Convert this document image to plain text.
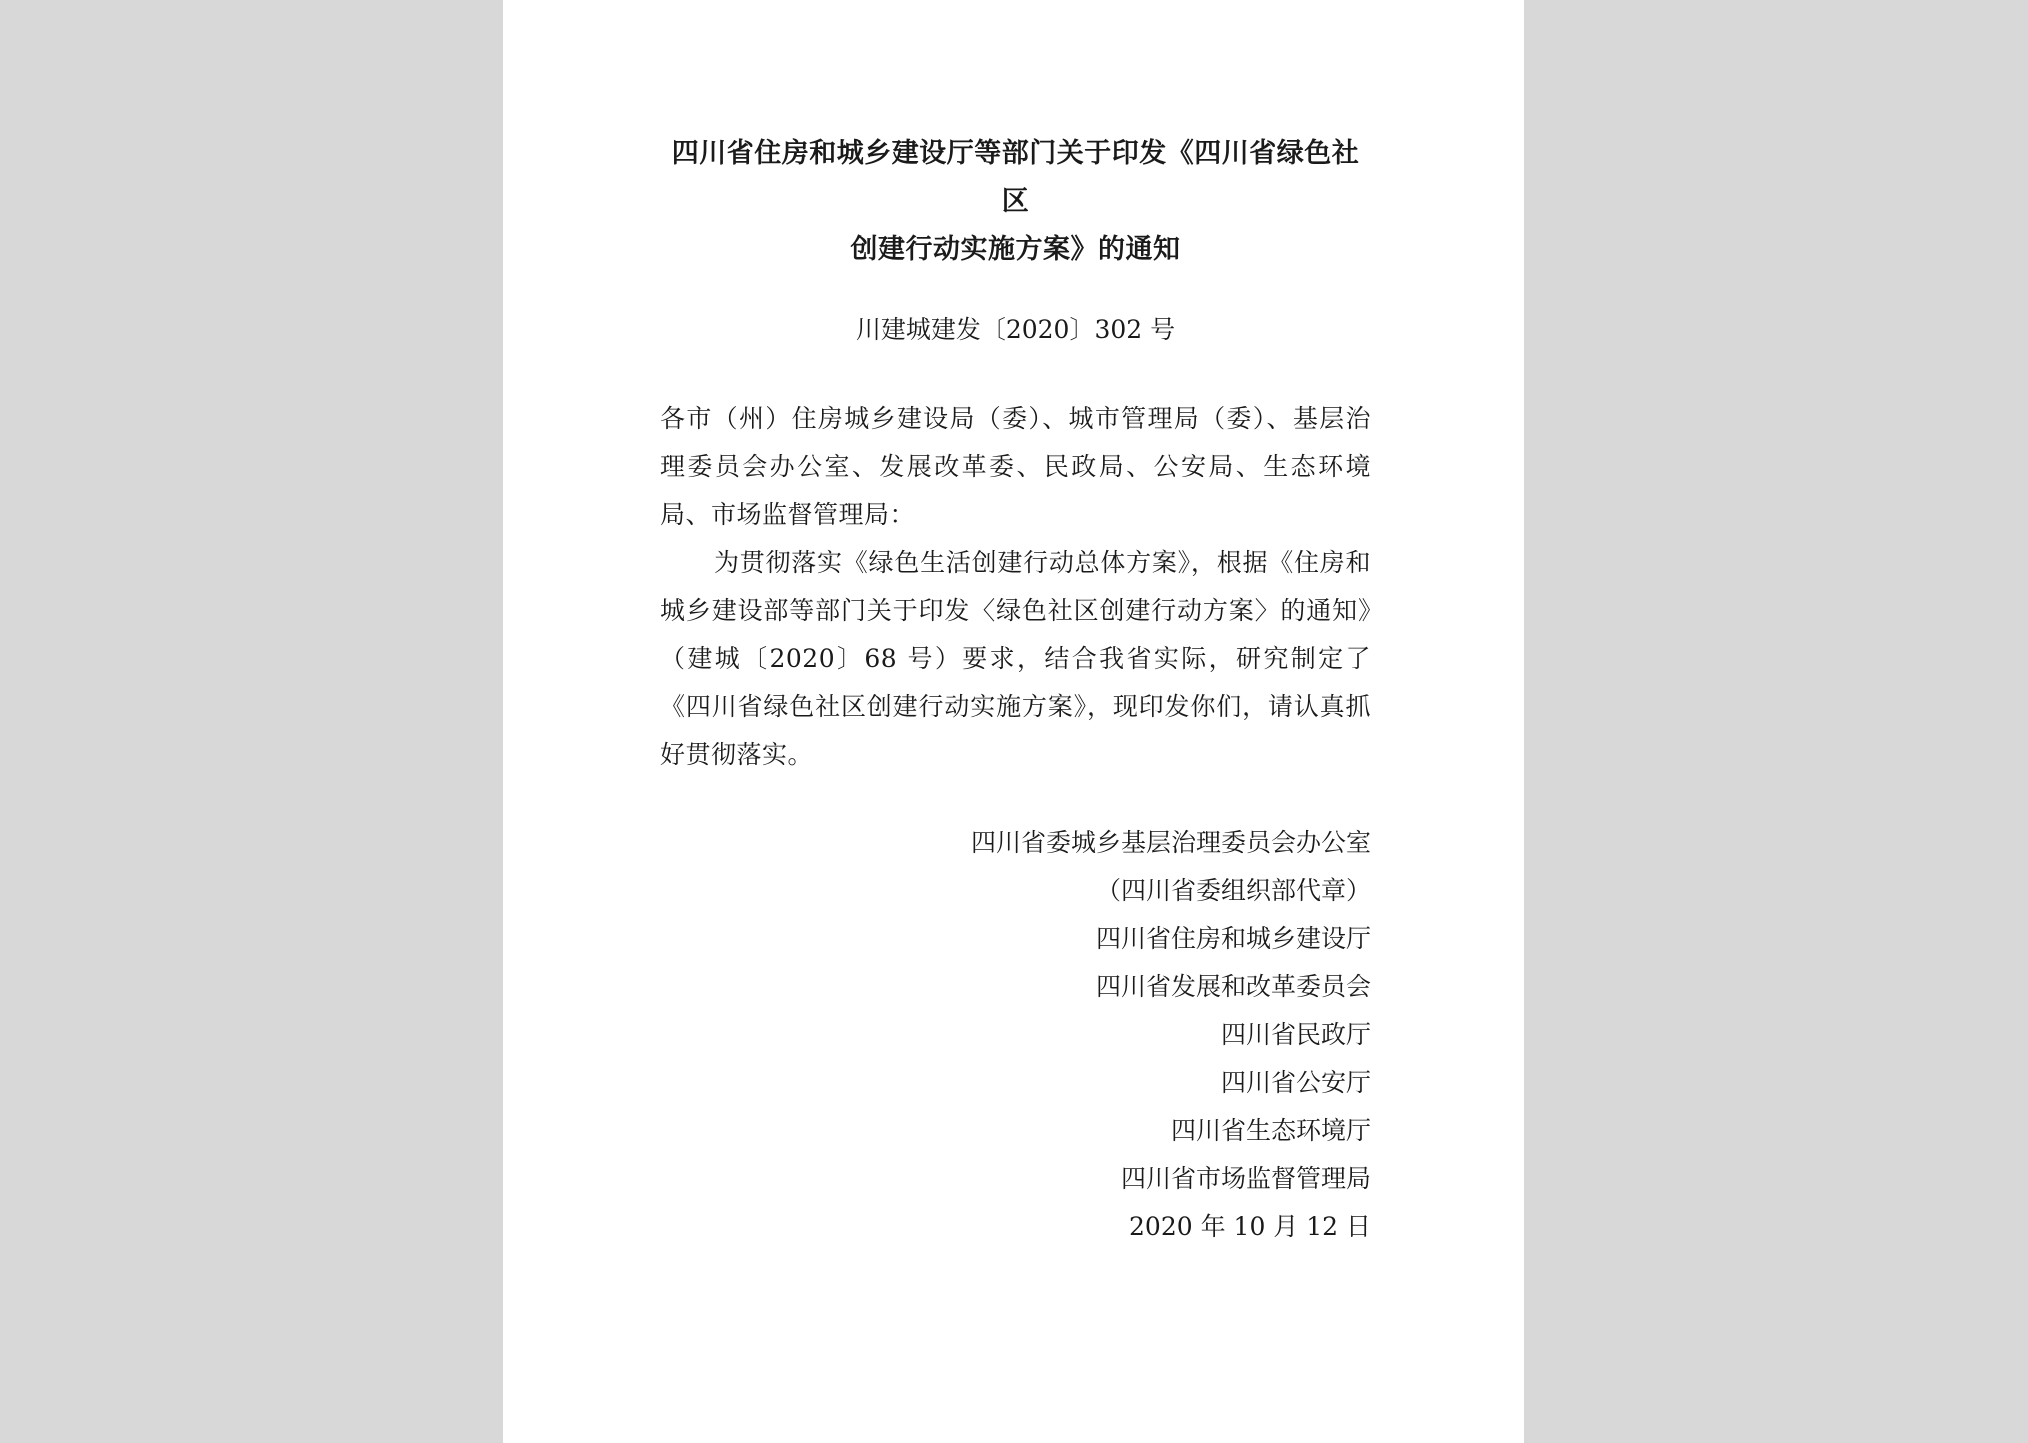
四川省住房和城乡建设厅等部门关于印发《四川省绿色社区
创建行动实施方案》的通知
川建城建发〔2020〕302 号
各市（州）住房城乡建设局（委）、城市管理局（委）、基层治理委员会办公室、发展改革委、民政局、公安局、生态环境局、市场监督管理局：
为贯彻落实《绿色生活创建行动总体方案》，根据《住房和城乡建设部等部门关于印发〈绿色社区创建行动方案〉的通知》（建城〔2020〕68 号）要求，结合我省实际，研究制定了《四川省绿色社区创建行动实施方案》，现印发你们，请认真抓好贯彻落实。
四川省委城乡基层治理委员会办公室
（四川省委组织部代章）
四川省住房和城乡建设厅
四川省发展和改革委员会
四川省民政厅
四川省公安厅
四川省生态环境厅
四川省市场监督管理局
2020 年 10 月 12 日
